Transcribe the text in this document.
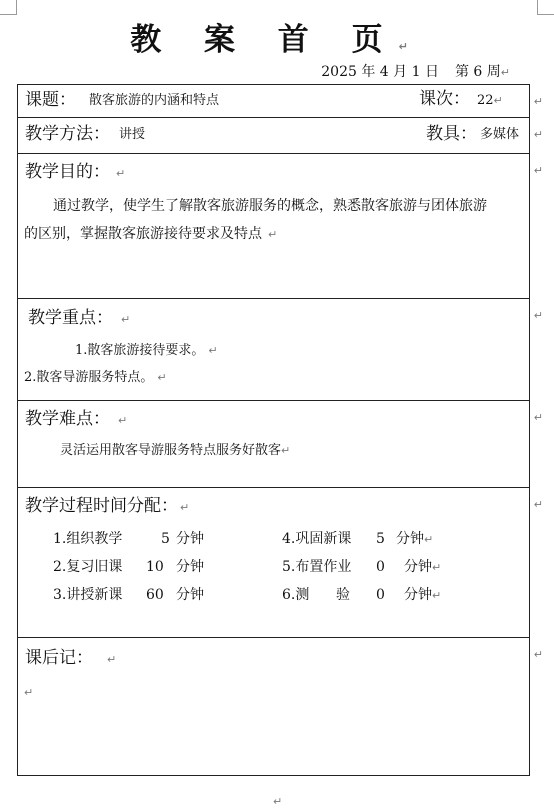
教 案 首 页↵
2025 年 4 月 1 日 第 6 周↵
课题： 散客旅游的内涵和特点	课次： 22↵	↵
教学方法： 讲授	教具： 多媒体 ↵
教学目的： ↵
通过教学，使学生了解散客旅游服务的概念，熟悉散客旅游与团体旅游
的区别，掌握散客旅游接待要求及特点 ↵
↵
教学重点： ↵
1.散客旅游接待要求。 ↵
2.散客导游服务特点。 ↵
↵
教学难点： ↵
灵活运用散客导游服务特点服务好散客↵
↵
教学过程时间分配： ↵
1.组织教学	5 分钟	4.巩固新课 5 分钟↵
2.复习旧课 10 分钟	5.布置作业 0 分钟↵
3.讲授新课 60 分钟	6.测      验 0 分钟↵
↵
课后记： ↵
↵
↵
↵
